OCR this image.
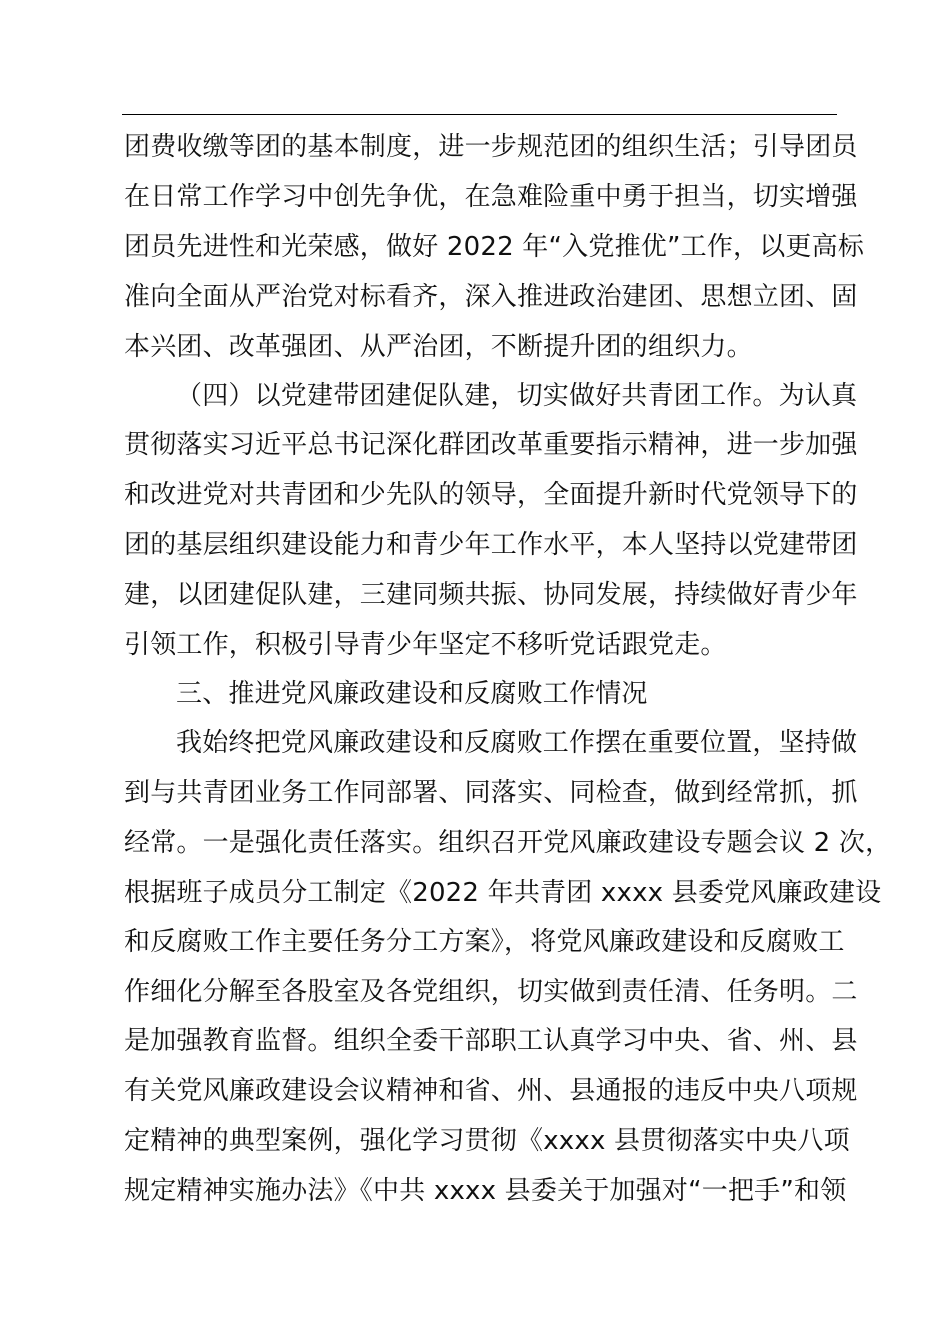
团费收缴等团的基本制度，进一步规范团的组织生活；引导团员
在日常工作学习中创先争优，在急难险重中勇于担当，切实增强
团员先进性和光荣感，做好 2022 年“入党推优”工作，以更高标
准向全面从严治党对标看齐，深入推进政治建团、思想立团、固
本兴团、改革强团、从严治团，不断提升团的组织力。
（四）以党建带团建促队建，切实做好共青团工作。为认真
贯彻落实习近平总书记深化群团改革重要指示精神，进一步加强
和改进党对共青团和少先队的领导，全面提升新时代党领导下的
团的基层组织建设能力和青少年工作水平，本人坚持以党建带团
建，以团建促队建，三建同频共振、协同发展，持续做好青少年
引领工作，积极引导青少年坚定不移听党话跟党走。
三、推进党风廉政建设和反腐败工作情况
我始终把党风廉政建设和反腐败工作摆在重要位置，坚持做
到与共青团业务工作同部署、同落实、同检查，做到经常抓，抓
经常。一是强化责任落实。组织召开党风廉政建设专题会议 2 次，
根据班子成员分工制定《2022 年共青团 xxxx 县委党风廉政建设
和反腐败工作主要任务分工方案》，将党风廉政建设和反腐败工
作细化分解至各股室及各党组织，切实做到责任清、任务明。二
是加强教育监督。组织全委干部职工认真学习中央、省、州、县
有关党风廉政建设会议精神和省、州、县通报的违反中央八项规
定精神的典型案例，强化学习贯彻《xxxx 县贯彻落实中央八项
规定精神实施办法》《中共 xxxx 县委关于加强对“一把手”和领
